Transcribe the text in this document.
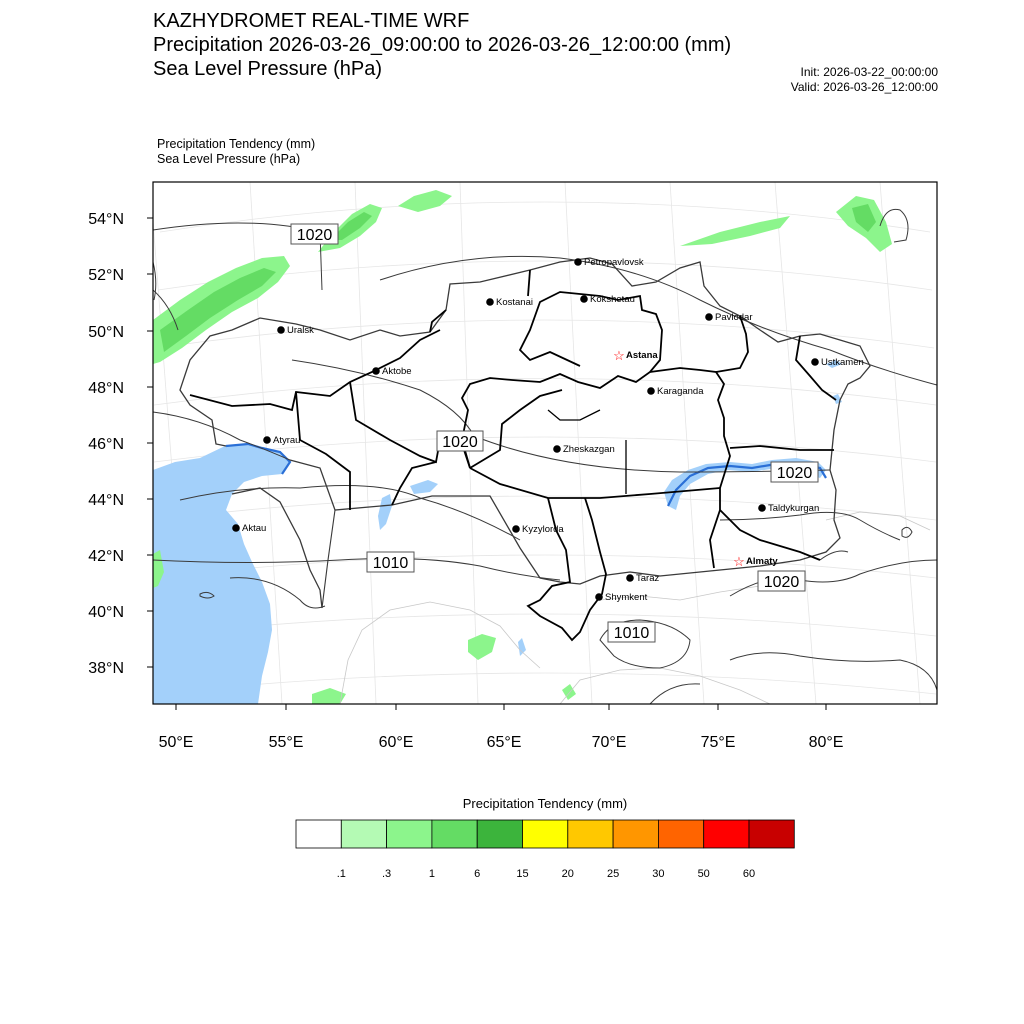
KAZHYDROMET REAL-TIME WRF
Precipitation 2026-03-26_09:00:00 to 2026-03-26_12:00:00 (mm)
Sea Level Pressure (hPa)	Init: 2026-03-22_00:00:00
Valid: 2026-03-26_12:00:00
Precipitation Tendency (mm)
Sea Level Pressure (hPa)
54°N
52°N
50°N
48°N
46°N
44°N
42°N
40°N
38°N
50°E	55°E	60°E	65°E	70°E	75°E	80°E
Petropavlovsk
Kostanai	Kokshetau
Pavlodar
Uralsk
☆ Astana
Aktobe
Ustkamen
Karaganda
Atyrau
Zheskazgan
Taldykurgan
Aktau	Kyzylorda
☆ Almaty
Taraz
Shymkent
1020
1020
1020
1010
1020
1010
Precipitation Tendency (mm)
.1	.3	1	6	15	20	25	30	50	60
